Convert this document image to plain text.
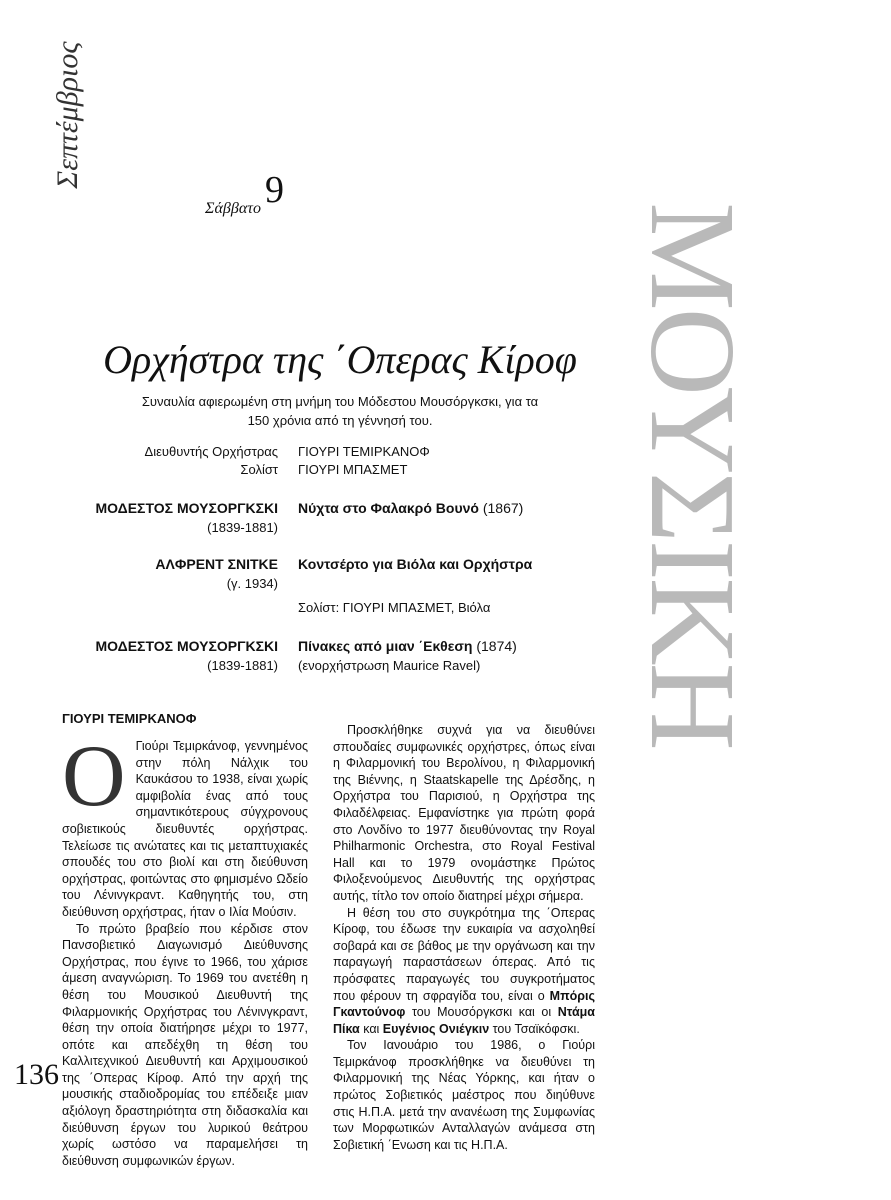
Σεπτέμβριος
Σάββατο 9
ΜΟΥΣΙΚΗ
Ορχήστρα της ΄Οπερας Κίροφ
Συναυλία αφιερωμένη στη μνήμη του Μόδεστου Μουσόργκσκι, για τα 150 χρόνια από τη γέννησή του.
Διευθυντής Ορχήστρας ΓΙΟΥΡΙ ΤΕΜΙΡΚΑΝΟΦ
Σολίστ ΓΙΟΥΡΙ ΜΠΑΣΜΕΤ
ΜΟΔΕΣΤΟΣ ΜΟΥΣΟΡΓΚΣΚΙ
(1839-1881)
Νύχτα στο Φαλακρό Βουνό (1867)
ΑΛΦΡΕΝΤ ΣΝΙΤΚΕ
(γ. 1934)
Κοντσέρτο για Βιόλα και Ορχήστρα
Σολίστ: ΓΙΟΥΡΙ ΜΠΑΣΜΕΤ, Βιόλα
ΜΟΔΕΣΤΟΣ ΜΟΥΣΟΡΓΚΣΚΙ
(1839-1881)
Πίνακες από μιαν ΄Εκθεση (1874)
(ενορχήστρωση Maurice Ravel)
ΓΙΟΥΡΙ ΤΕΜΙΡΚΑΝΟΦ
Ο Γιούρι Τεμιρκάνοφ, γεννημένος στην πόλη Νάλχικ του Καυκάσου το 1938, είναι χωρίς αμφιβολία ένας από τους σημαντικότερους σύγχρονους σοβιετικούς διευθυντές ορχήστρας. Τελείωσε τις ανώτατες και τις μεταπτυχιακές σπουδές του στο βιολί και στη διεύθυνση ορχήστρας, φοιτώντας στο φημισμένο Ωδείο του Λένινγκραντ. Καθηγητής του, στη διεύθυνση ορχήστρας, ήταν ο Ιλία Μούσιν.

Το πρώτο βραβείο που κέρδισε στον Πανσοβιετικό Διαγωνισμό Διεύθυνσης Ορχήστρας, που έγινε το 1966, του χάρισε άμεση αναγνώριση. Το 1969 του ανετέθη η θέση του Μουσικού Διευθυντή της Φιλαρμονικής Ορχήστρας του Λένινγκραντ, θέση την οποία διατήρησε μέχρι το 1977, οπότε και απεδέχθη τη θέση του Καλλιτεχνικού Διευθυντή και Αρχιμουσικού της ΄Οπερας Κίροφ. Από την αρχή της μουσικής σταδιοδρομίας του επέδειξε μιαν αξιόλογη δραστηριότητα στη διδασκαλία και διεύθυνση έργων του λυρικού θεάτρου χωρίς ωστόσο να παραμελήσει τη διεύθυνση συμφωνικών έργων.

Προσκλήθηκε συχνά για να διευθύνει σπουδαίες συμφωνικές ορχήστρες, όπως είναι η Φιλαρμονική του Βερολίνου, η Φιλαρμονική της Βιέννης, η Staatskapelle της Δρέσδης, η Ορχήστρα του Παρισιού, η Ορχήστρα της Φιλαδέλφειας. Εμφανίστηκε για πρώτη φορά στο Λονδίνο το 1977 διευθύνοντας την Royal Philharmonic Orchestra, στο Royal Festival Hall και το 1979 ονομάστηκε Πρώτος Φιλοξενούμενος Διευθυντής της ορχήστρας αυτής, τίτλο τον οποίο διατηρεί μέχρι σήμερα.

Η θέση του στο συγκρότημα της ΄Οπερας Κίροφ, του έδωσε την ευκαιρία να ασχοληθεί σοβαρά και σε βάθος με την οργάνωση και την παραγωγή παραστάσεων όπερας. Από τις πρόσφατες παραγωγές του συγκροτήματος που φέρουν τη σφραγίδα του, είναι ο Μπόρις Γκαντούνοφ του Μουσόργκσκι και οι Ντάμα Πίκα και Ευγένιος Ονιέγκιν του Τσαϊκόφσκι.

Τον Ιανουάριο του 1986, ο Γιούρι Τεμιρκάνοφ προσκλήθηκε να διευθύνει τη Φιλαρμονική της Νέας Υόρκης, και ήταν ο πρώτος Σοβιετικός μαέστρος που διηύθυνε στις Η.Π.Α. μετά την ανανέωση της Συμφωνίας των Μορφωτικών Ανταλλαγών ανάμεσα στη Σοβιετική ΄Ενωση και τις Η.Π.Α.

136
